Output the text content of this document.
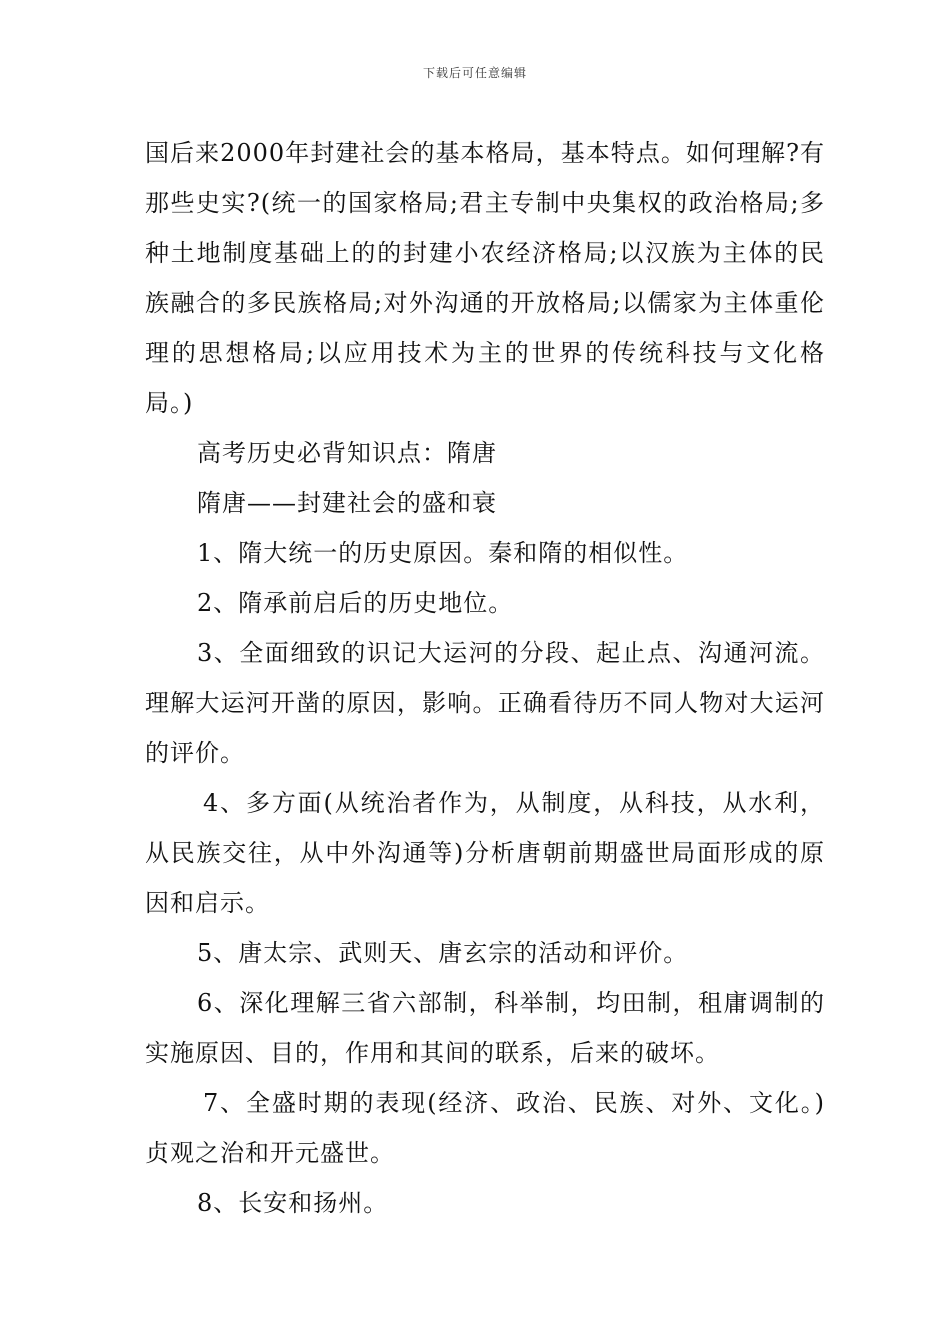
下载后可任意编辑

国后来2000年封建社会的基本格局，基本特点。如何理解?有那些史实?(统一的国家格局;君主专制中央集权的政治格局;多种土地制度基础上的的封建小农经济格局;以汉族为主体的民族融合的多民族格局;对外沟通的开放格局;以儒家为主体重伦理的思想格局;以应用技术为主的世界的传统科技与文化格局。)

高考历史必背知识点：隋唐

隋唐——封建社会的盛和衰

1、隋大统一的历史原因。秦和隋的相似性。

2、隋承前启后的历史地位。

3、全面细致的识记大运河的分段、起止点、沟通河流。理解大运河开凿的原因，影响。正确看待历不同人物对大运河的评价。

4、多方面(从统治者作为，从制度，从科技，从水利，从民族交往，从中外沟通等)分析唐朝前期盛世局面形成的原因和启示。

5、唐太宗、武则天、唐玄宗的活动和评价。

6、深化理解三省六部制，科举制，均田制，租庸调制的实施原因、目的，作用和其间的联系，后来的破坏。

7、全盛时期的表现(经济、政治、民族、对外、文化。)贞观之治和开元盛世。

8、长安和扬州。
